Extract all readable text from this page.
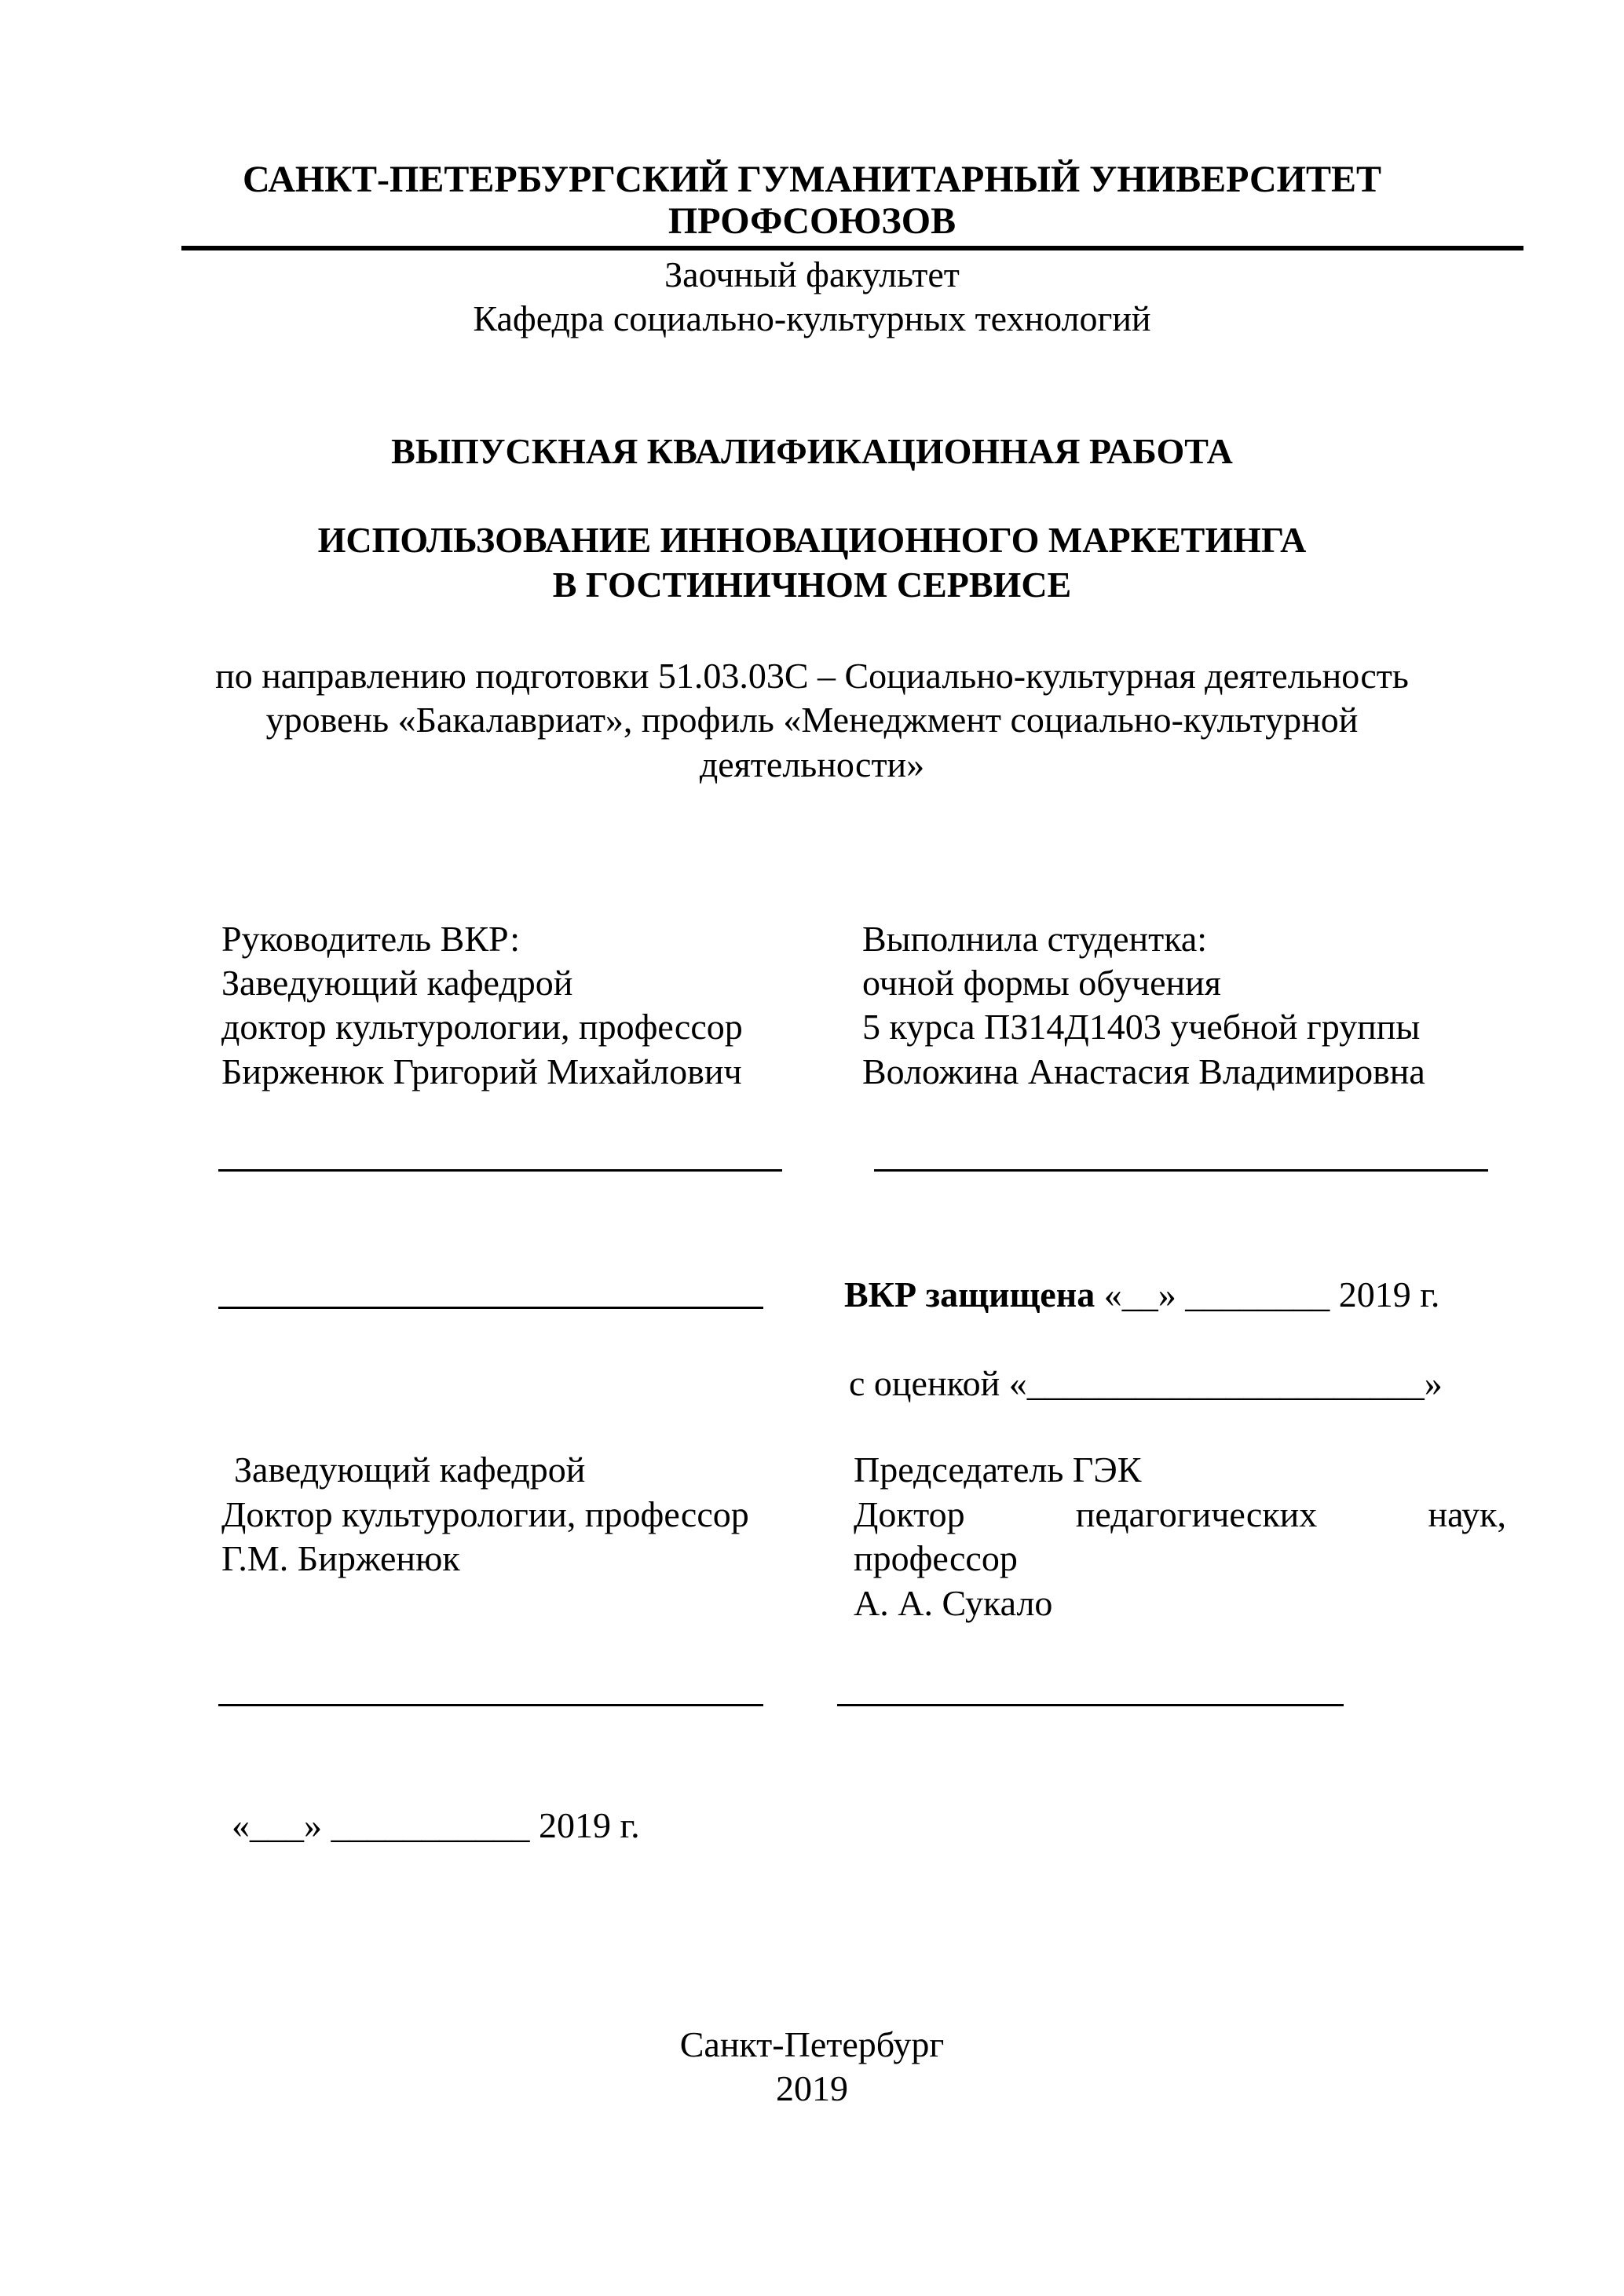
САНКТ-ПЕТЕРБУРГСКИЙ ГУМАНИТАРНЫЙ УНИВЕРСИТЕТ
ПРОФСОЮЗОВ
Заочный факультет
Кафедра социально-культурных технологий
ВЫПУСКНАЯ КВАЛИФИКАЦИОННАЯ РАБОТА
ИСПОЛЬЗОВАНИЕ ИННОВАЦИОННОГО МАРКЕТИНГА
В ГОСТИНИЧНОМ СЕРВИСЕ
по направлению подготовки 51.03.03С – Социально-культурная деятельность
уровень «Бакалавриат», профиль «Менеджмент социально-культурной
деятельности»
Руководитель ВКР:
Заведующий кафедрой
доктор культурологии, профессор
Бирженюк Григорий Михайлович
Выполнила студентка:
очной формы обучения
5 курса ПЗ14Д1403 учебной группы
Воложина Анастасия Владимировна
ВКР защищена «__» ________ 2019 г.
с оценкой «______________________»
Заведующий кафедрой
Доктор культурологии, профессор
Г.М. Бирженюк
Председатель ГЭК
Доктор	педагогических	наук,
профессор
А. А. Сукало
«___» ___________ 2019 г.
Санкт-Петербург
2019
